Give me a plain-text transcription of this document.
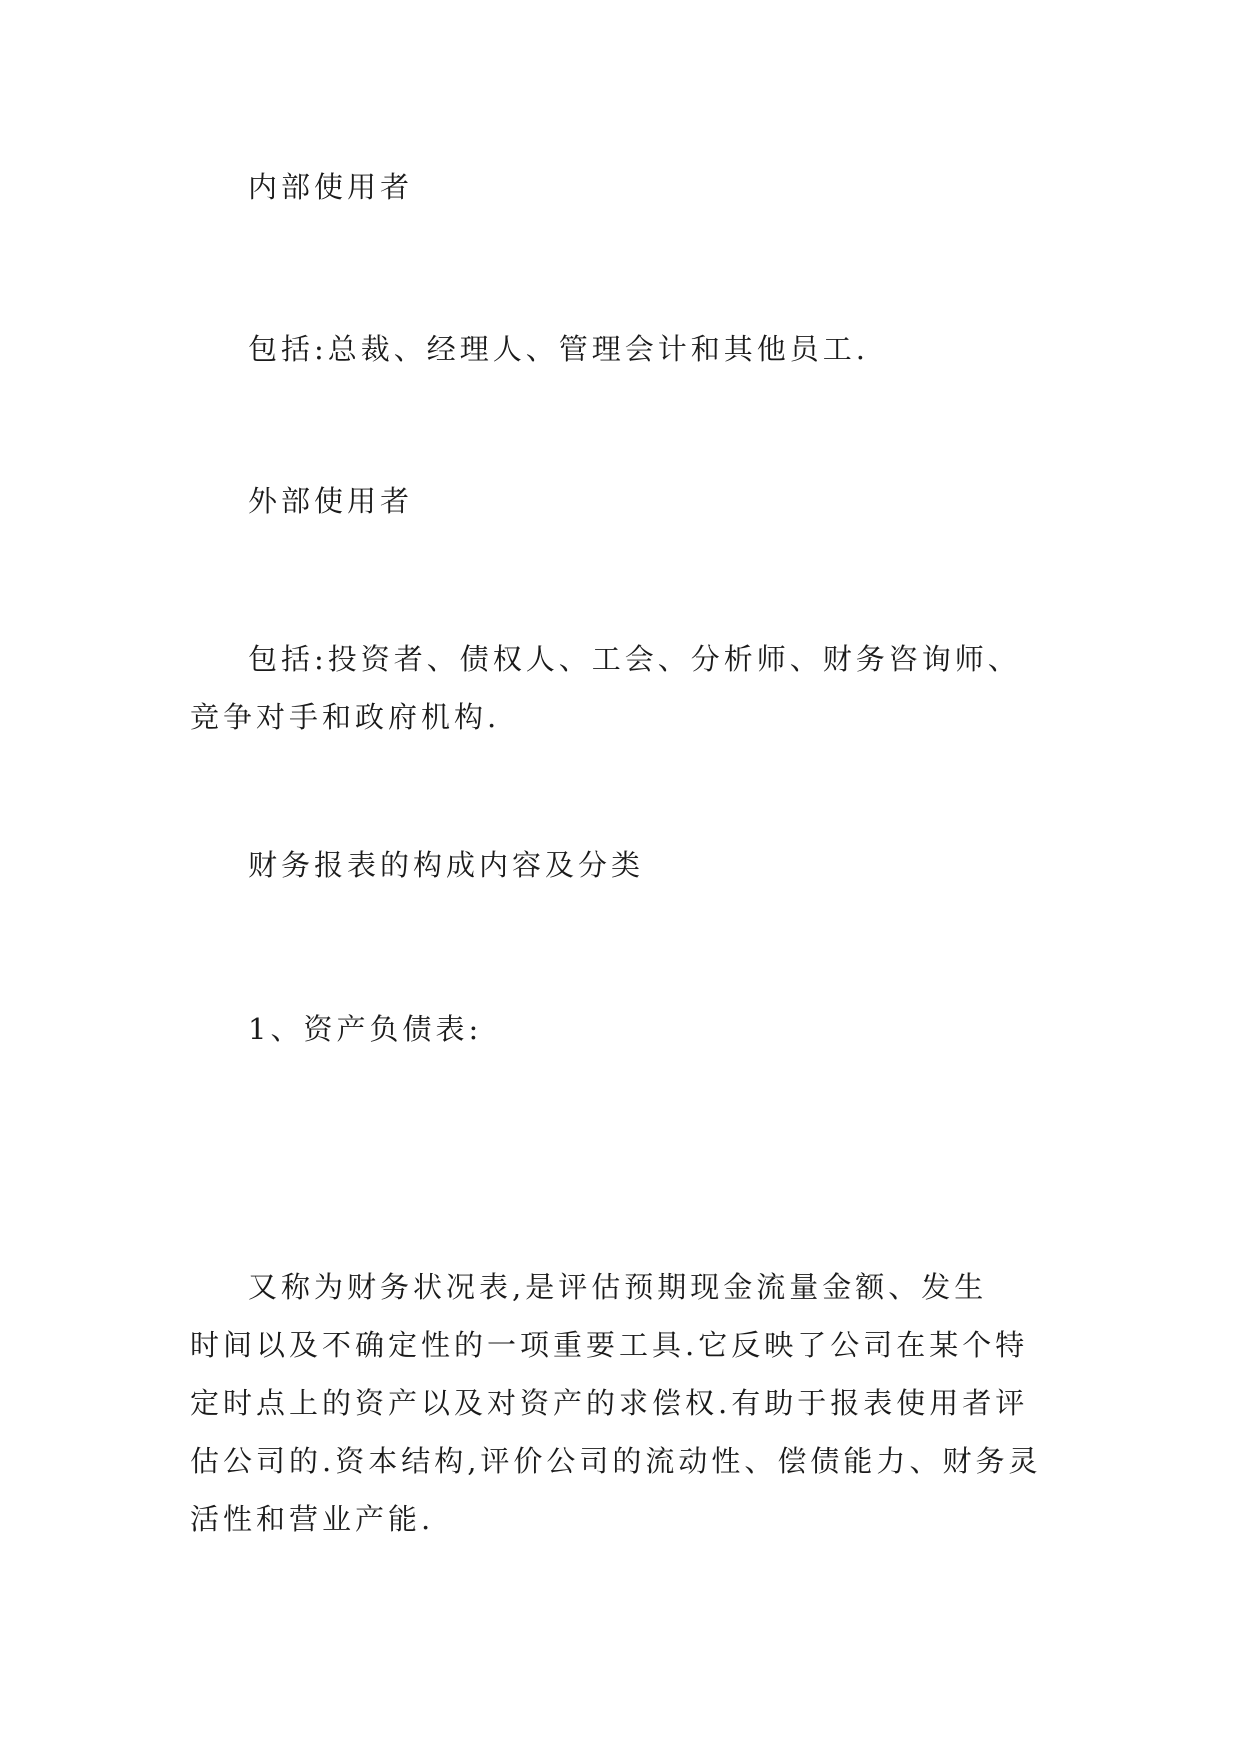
内部使用者

包括:总裁、经理人、管理会计和其他员工.

外部使用者

包括:投资者、债权人、工会、分析师、财务咨询师、
竞争对手和政府机构.

财务报表的构成内容及分类

1、资产负债表:

又称为财务状况表,是评估预期现金流量金额、发生
时间以及不确定性的一项重要工具.它反映了公司在某个特
定时点上的资产以及对资产的求偿权.有助于报表使用者评
估公司的.资本结构,评价公司的流动性、偿债能力、财务灵
活性和营业产能.
